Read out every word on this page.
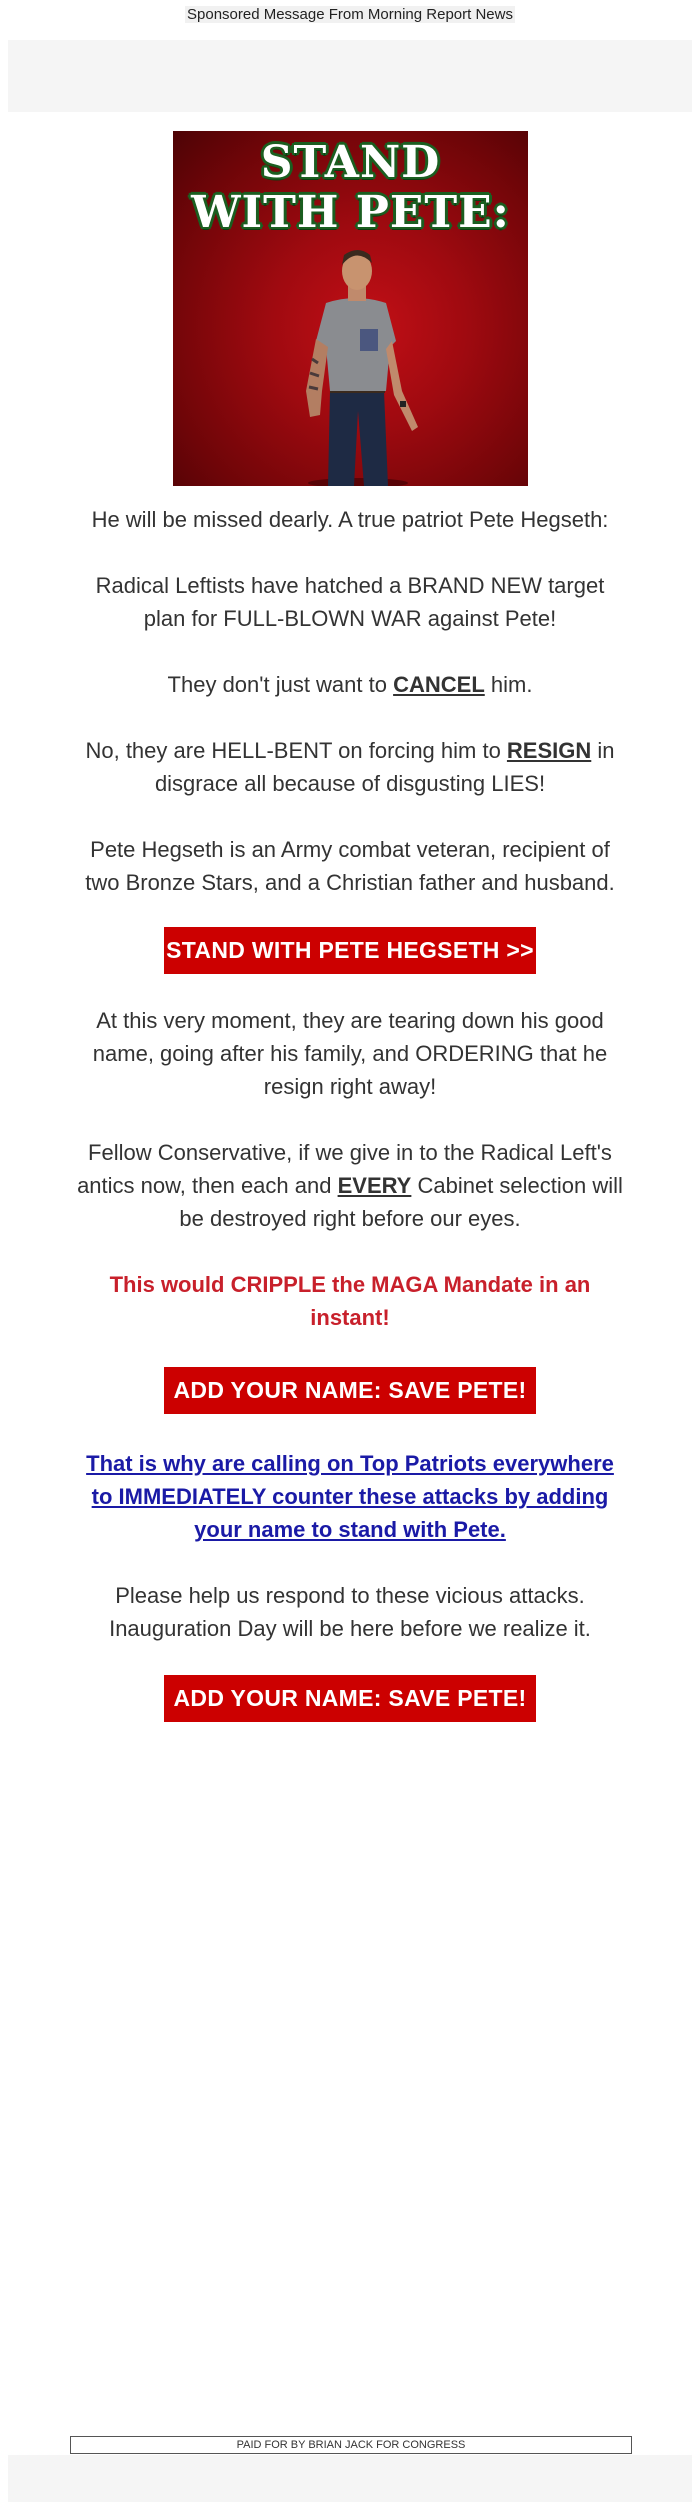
Sponsored Message From Morning Report News
STAND
WITH PETE:

He will be missed dearly. A true patriot Pete Hegseth:

Radical Leftists have hatched a BRAND NEW target plan for FULL-BLOWN WAR against Pete!

They don't just want to CANCEL him.

No, they are HELL-BENT on forcing him to RESIGN in disgrace all because of disgusting LIES!

Pete Hegseth is an Army combat veteran, recipient of two Bronze Stars, and a Christian father and husband.

STAND WITH PETE HEGSETH >>

At this very moment, they are tearing down his good name, going after his family, and ORDERING that he resign right away!

Fellow Conservative, if we give in to the Radical Left's antics now, then each and EVERY Cabinet selection will be destroyed right before our eyes.

This would CRIPPLE the MAGA Mandate in an instant!

ADD YOUR NAME: SAVE PETE!

That is why are calling on Top Patriots everywhere to IMMEDIATELY counter these attacks by adding your name to stand with Pete.

Please help us respond to these vicious attacks. Inauguration Day will be here before we realize it.

ADD YOUR NAME: SAVE PETE!
PAID FOR BY BRIAN JACK FOR CONGRESS
